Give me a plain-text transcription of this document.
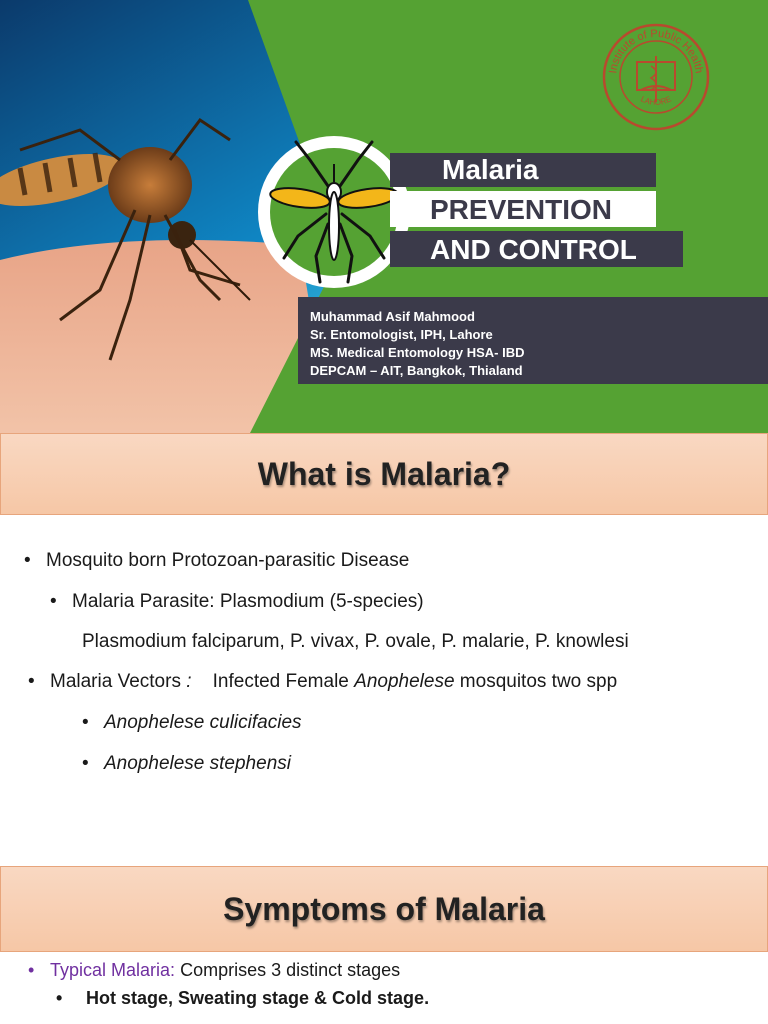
Institute of Public Health
LAHORE
Malaria
PREVENTION
AND CONTROL
Muhammad Asif Mahmood
Sr. Entomologist, IPH, Lahore
MS. Medical Entomology HSA- IBD
DEPCAM – AIT, Bangkok, Thialand
What is Malaria?
• Mosquito born Protozoan-parasitic Disease
• Malaria Parasite: Plasmodium (5-species)
Plasmodium falciparum, P. vivax, P. ovale, P. malarie, P. knowlesi
• Malaria Vectors :    Infected Female Anophelese mosquitos two spp
• Anophelese culicifacies
• Anophelese stephensi
Symptoms of Malaria
• Typical Malaria: Comprises 3 distinct stages
• Hot stage, Sweating stage & Cold stage.
